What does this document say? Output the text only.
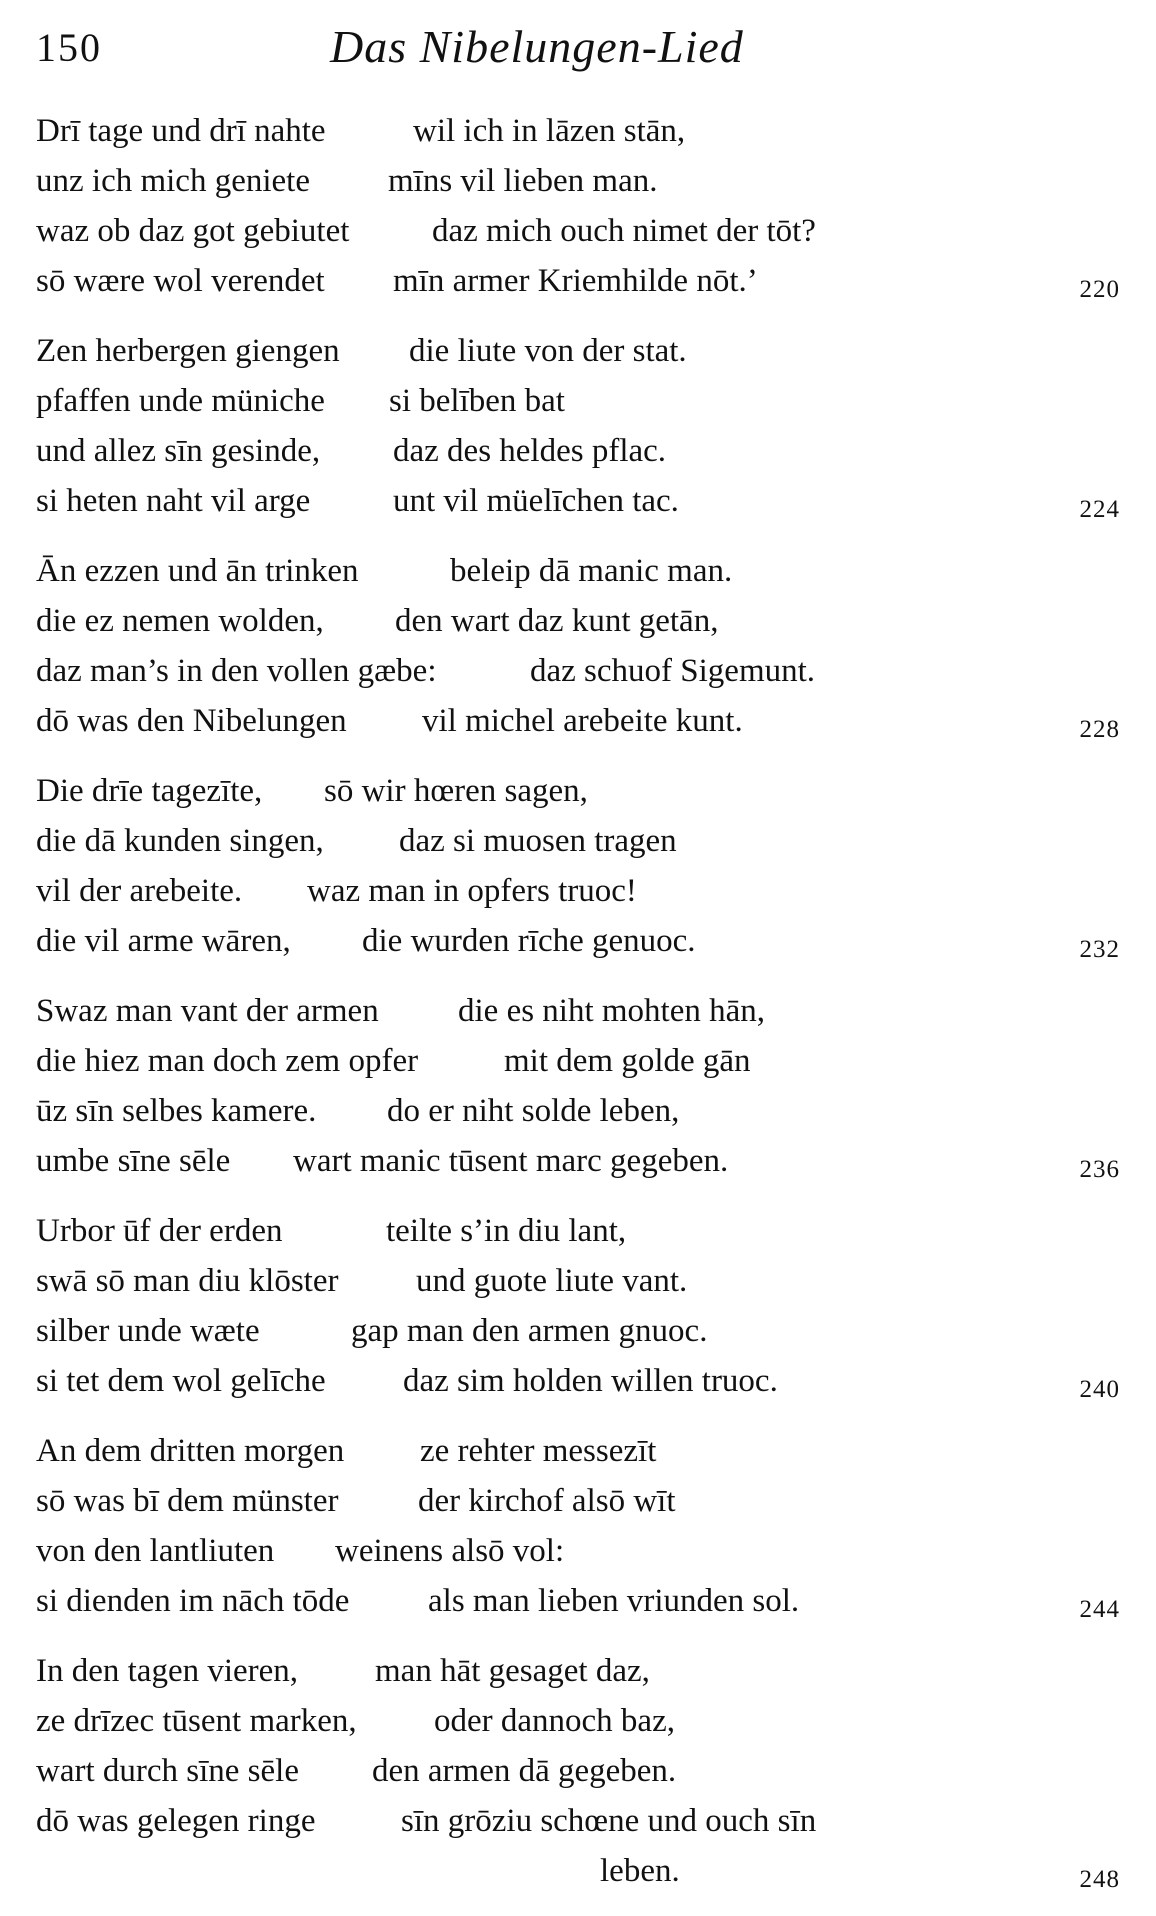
150	Das Nibelungen-Lied
Drī tage und drī nahte	wil ich in lāzen stān,
unz ich mich geniete mīns vil lieben man.
waz ob daz got gebiutet	daz mich ouch nimet der tōt?
sō wære wol verendet mīn armer Kriemhilde nōt.’	220
Zen herbergen giengen die liute von der stat.
pfaffen unde müniche si belīben bat
und allez sīn gesinde, daz des heldes pflac.
si heten naht vil arge	unt vil müelīchen tac.	224
Ān ezzen und ān trinken	beleip dā manic man.
die ez nemen wolden, den wart daz kunt getān,
daz man’s in den vollen gæbe:	daz schuof Sigemunt.
dō was den Nibelungen vil michel arebeite kunt.	228
Die drīe tagezīte, sō wir hœren sagen,
die dā kunden singen, daz si muosen tragen
vil der arebeite. waz man in opfers truoc!
die vil arme wāren, die wurden rīche genuoc.	232
Swaz man vant der armen die es niht mohten hān,
die hiez man doch zem opfer	mit dem golde gān
ūz sīn selbes kamere. do er niht solde leben,
umbe sīne sēle wart manic tūsent marc gegeben.	236
Urbor ūf der erden	teilte s’in diu lant,
swā sō man diu klōster und guote liute vant.
silber unde wæte	gap man den armen gnuoc.
si tet dem wol gelīche daz sim holden willen truoc.	240
An dem dritten morgen ze rehter messezīt
sō was bī dem münster der kirchof alsō wīt
von den lantliuten weinens alsō vol:
si dienden im nāch tōde als man lieben vriunden sol.	244
In den tagen vieren, man hāt gesaget daz,
ze drīzec tūsent marken, oder dannoch baz,
wart durch sīne sēle den armen dā gegeben.
dō was gelegen ringe	sīn grōziu schœne und ouch sīn
leben.	248
